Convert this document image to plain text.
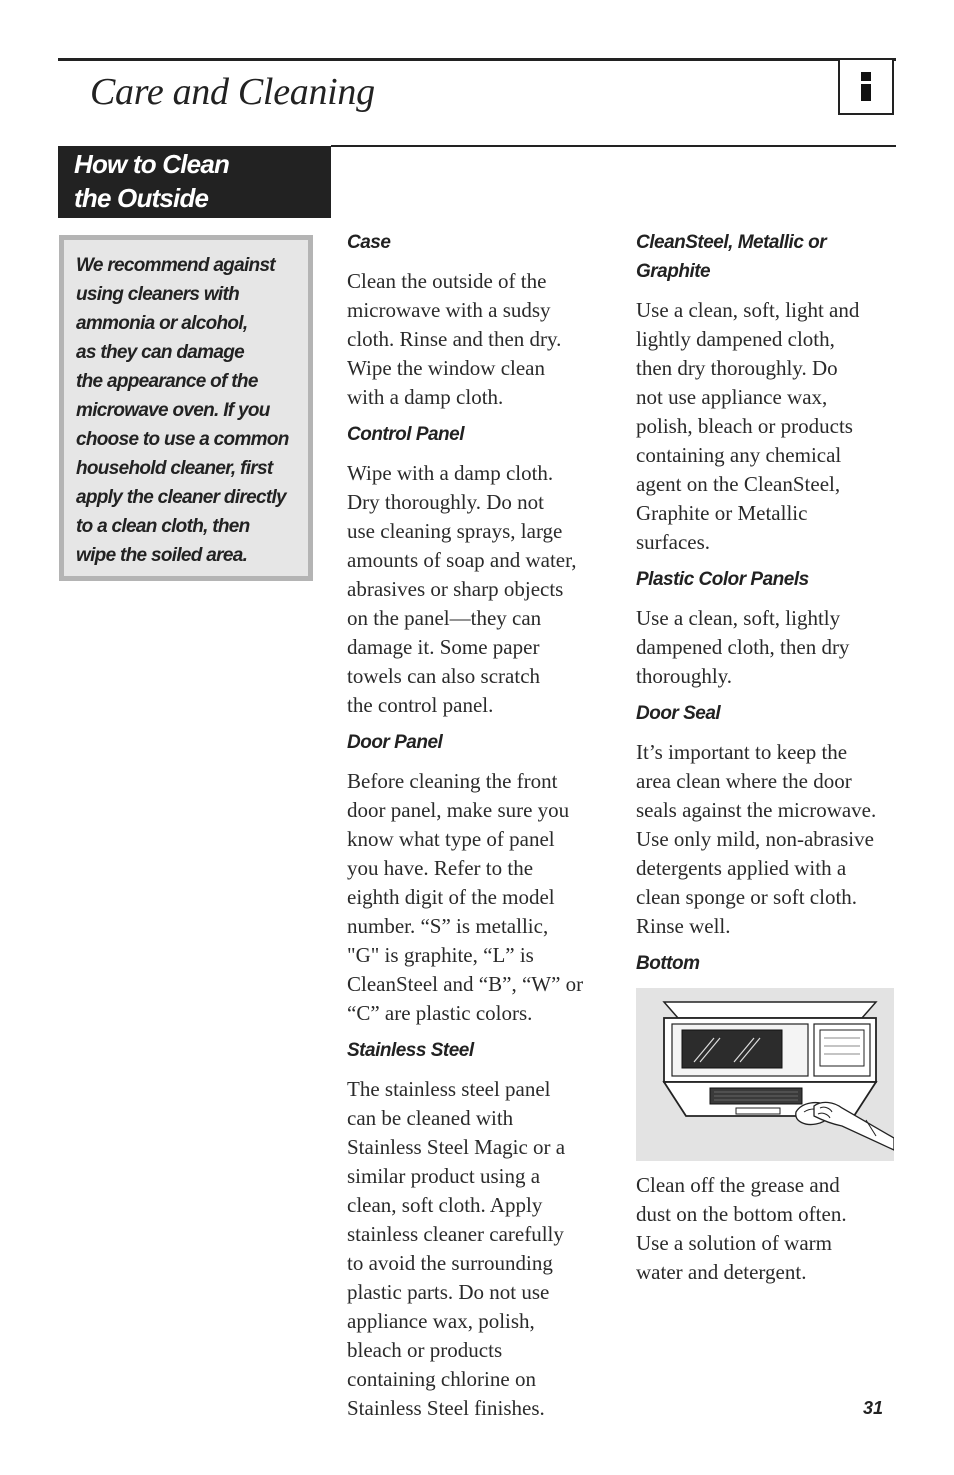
Care and Cleaning
How to Clean
the Outside
We recommend against
using cleaners with
ammonia or alcohol,
as they can damage
the appearance of the
microwave oven. If you
choose to use a common
household cleaner, first
apply the cleaner directly
to a clean cloth, then
wipe the soiled area.
Case

Clean the outside of the
microwave with a sudsy
cloth. Rinse and then dry.
Wipe the window clean
with a damp cloth.

Control Panel

Wipe with a damp cloth.
Dry thoroughly. Do not
use cleaning sprays, large
amounts of soap and water,
abrasives or sharp objects
on the panel—they can
damage it. Some paper
towels can also scratch
the control panel.

Door Panel

Before cleaning the front
door panel, make sure you
know what type of panel
you have. Refer to the
eighth digit of the model
number. “S” is metallic,
"G" is graphite, “L” is
CleanSteel and “B”, “W” or
“C” are plastic colors.

Stainless Steel

The stainless steel panel
can be cleaned with
Stainless Steel Magic or a
similar product using a
clean, soft cloth. Apply
stainless cleaner carefully
to avoid the surrounding
plastic parts. Do not use
appliance wax, polish,
bleach or products
containing chlorine on
Stainless Steel finishes.

CleanSteel, Metallic or
Graphite

Use a clean, soft, light and
lightly dampened cloth,
then dry thoroughly. Do
not use appliance wax,
polish, bleach or products
containing any chemical
agent on the CleanSteel,
Graphite or Metallic
surfaces.

Plastic Color Panels

Use a clean, soft, lightly
dampened cloth, then dry
thoroughly.

Door Seal

It’s important to keep the
area clean where the door
seals against the microwave.
Use only mild, non-abrasive
detergents applied with a
clean sponge or soft cloth.
Rinse well.

Bottom

Clean off the grease and
dust on the bottom often.
Use a solution of warm
water and detergent.

31
